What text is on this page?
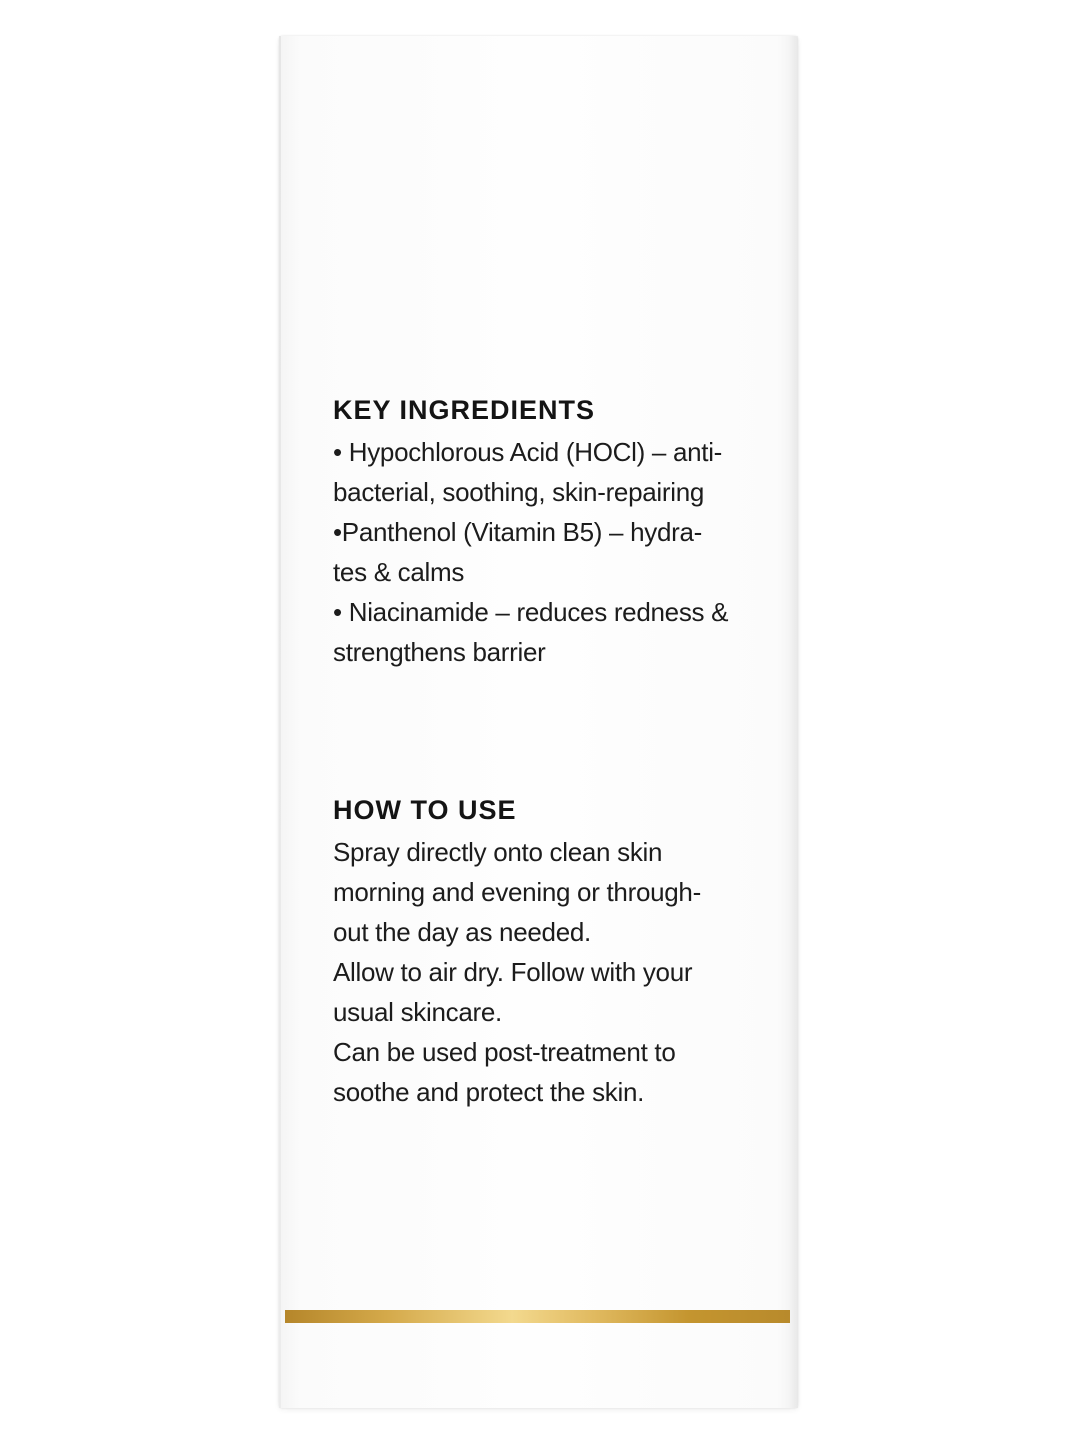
KEY INGREDIENTS
• Hypochlorous Acid (HOCl) – anti-
bacterial, soothing, skin-repairing
•Panthenol (Vitamin B5) – hydra-
tes & calms
• Niacinamide – reduces redness &
strengthens barrier
HOW TO USE
Spray directly onto clean skin
morning and evening or through-
out the day as needed.
Allow to air dry. Follow with your
usual skincare.
Can be used post-treatment to
soothe and protect the skin.
